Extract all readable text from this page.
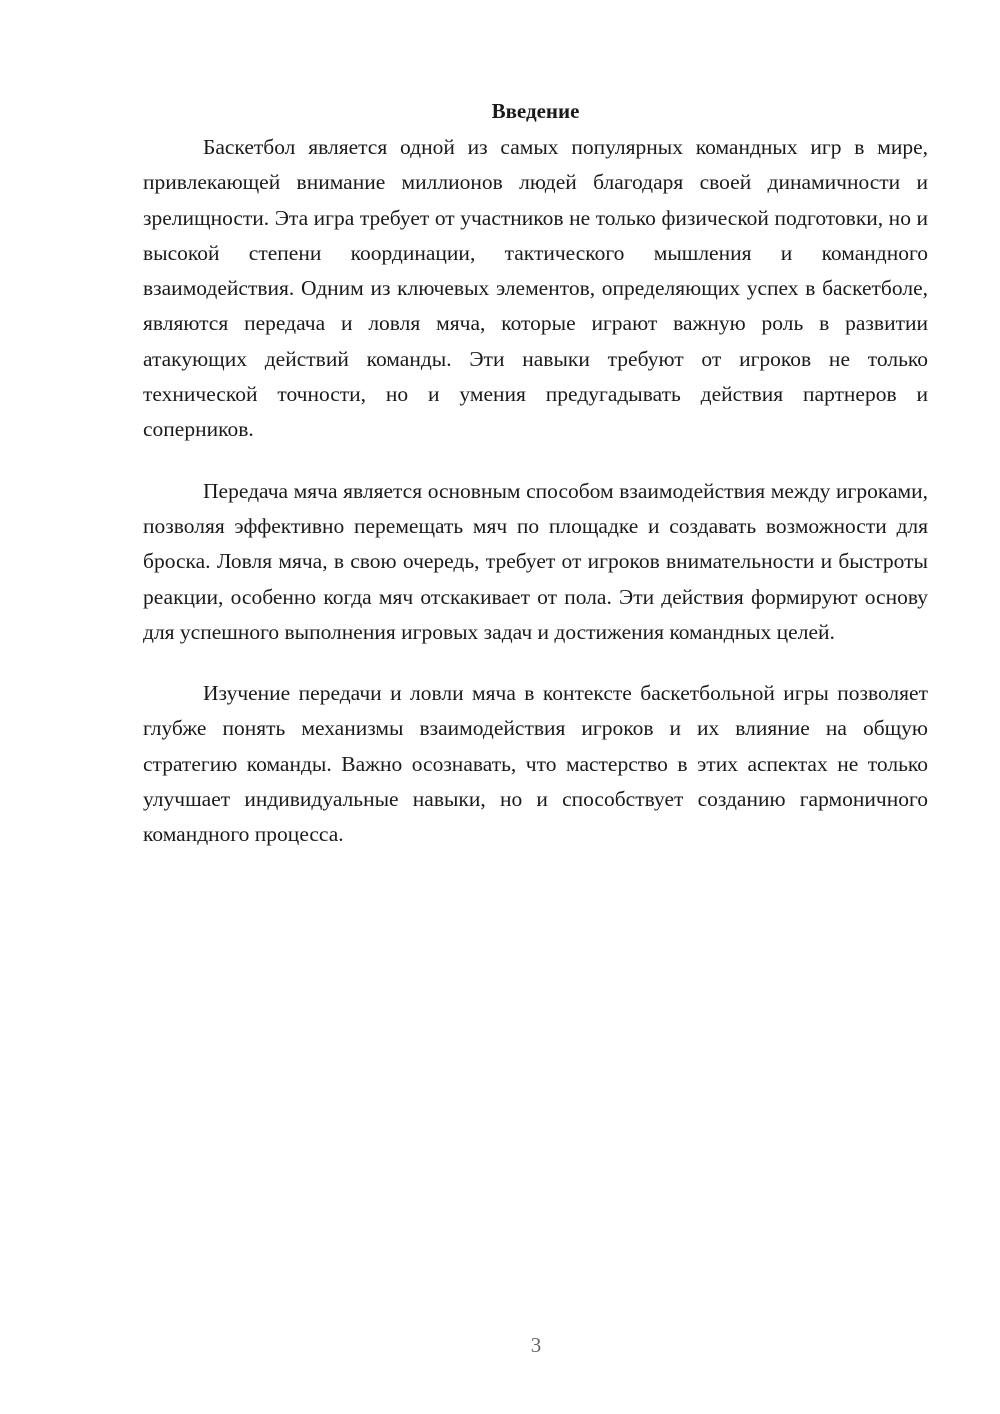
Введение

Баскетбол является одной из самых популярных командных игр в мире, привлекающей внимание миллионов людей благодаря своей динамичности и зрелищности. Эта игра требует от участников не только физической подготовки, но и высокой степени координации, тактического мышления и командного взаимодействия. Одним из ключевых элементов, определяющих успех в баскетболе, являются передача и ловля мяча, которые играют важную роль в развитии атакующих действий команды. Эти навыки требуют от игроков не только технической точности, но и умения предугадывать действия партнеров и соперников.

Передача мяча является основным способом взаимодействия между игроками, позволяя эффективно перемещать мяч по площадке и создавать возможности для броска. Ловля мяча, в свою очередь, требует от игроков внимательности и быстроты реакции, особенно когда мяч отскакивает от пола. Эти действия формируют основу для успешного выполнения игровых задач и достижения командных целей.

Изучение передачи и ловли мяча в контексте баскетбольной игры позволяет глубже понять механизмы взаимодействия игроков и их влияние на общую стратегию команды. Важно осознавать, что мастерство в этих аспектах не только улучшает индивидуальные навыки, но и способствует созданию гармоничного командного процесса.

3
